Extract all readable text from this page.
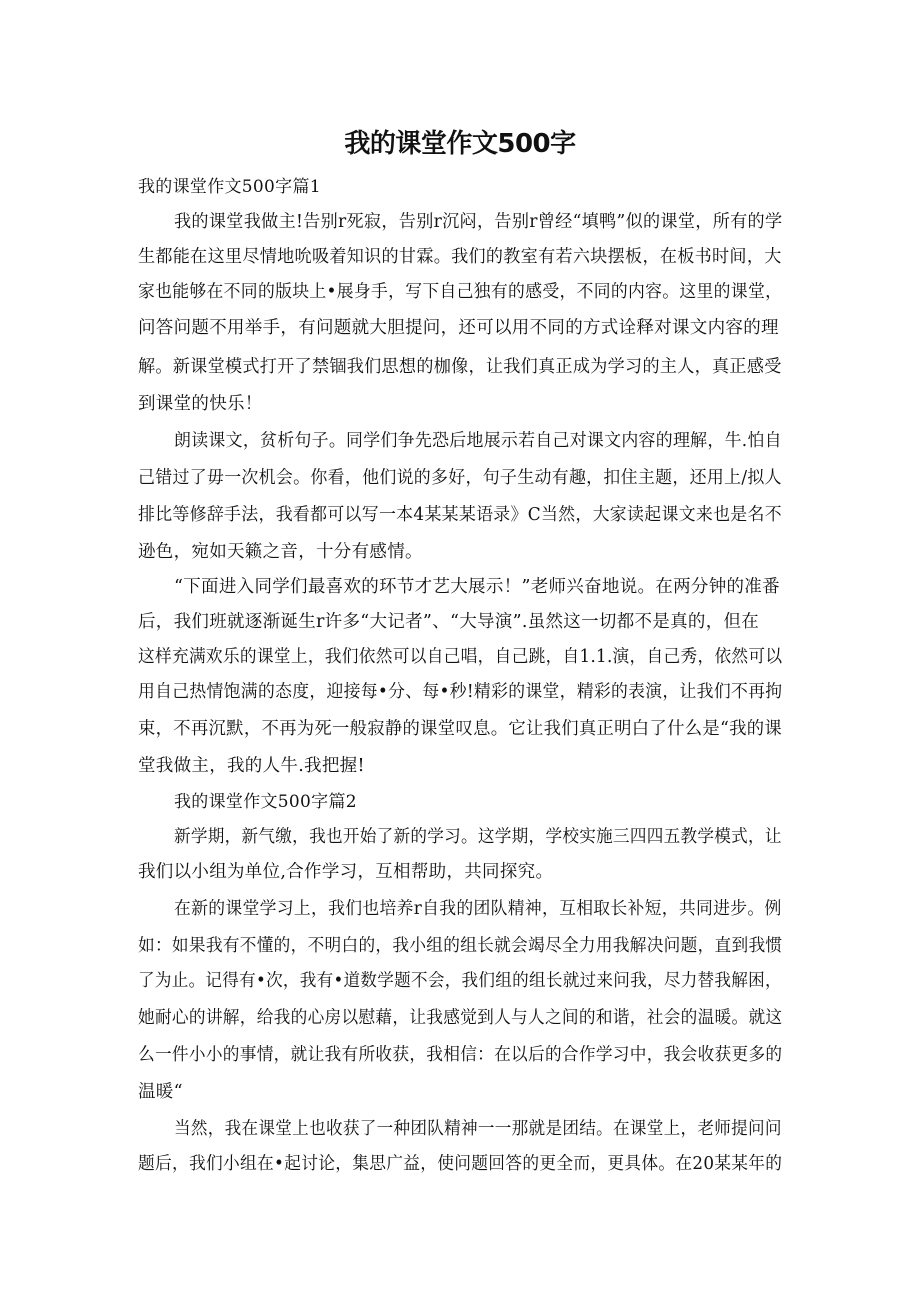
我的课堂作文500字
我的课堂作文500字篇1
我的课堂我做主!告别r死寂，告别r沉闷，告别r曾经“填鸭”似的课堂，所有的学
生都能在这里尽情地吮吸着知识的甘霖。我们的教室有若六块摆板，在板书时间，大
家也能够在不同的版块上•展身手，写下自己独有的感受，不同的内容。这里的课堂，
问答问题不用举手，有问题就大胆提问，还可以用不同的方式诠释对课文内容的理
解。新课堂模式打开了禁锢我们思想的枷像，让我们真正成为学习的主人，真正感受
到课堂的快乐！
朗读课文，贫析句子。同学们争先恐后地展示若自己对课文内容的理解，牛.怕自
己错过了毋一次机会。你看，他们说的多好，句子生动有趣，扣住主题，还用上/拟人
排比等修辞手法，我看都可以写一本4某某某语录》C当然，大家读起课文来也是名不
逊色，宛如天籁之音，十分有感情。
“下面进入同学们最喜欢的环节才艺大展示！”老师兴奋地说。在两分钟的准番
后，我们班就逐渐诞生r许多“大记者”、“大导演”.虽然这一切都不是真的，但在
这样充满欢乐的课堂上，我们依然可以自己唱，自己跳，自1.1.演，自己秀，依然可以
用自己热情饱满的态度，迎接每•分、每•秒!精彩的课堂，精彩的表演，让我们不再拘
束，不再沉默，不再为死一般寂静的课堂叹息。它让我们真正明白了什么是“我的课
堂我做主，我的人牛.我把握!
我的课堂作文500字篇2
新学期，新气缴，我也开始了新的学习。这学期，学校实施三四四五教学模式，让
我们以小组为单位,合作学习，互相帮助，共同探究。
在新的课堂学习上，我们也培养r自我的团队精神，互相取长补短，共同进步。例
如：如果我有不懂的，不明白的，我小组的组长就会竭尽全力用我解决问题，直到我惯
了为止。记得有•次，我有•道数学题不会，我们组的组长就过来问我，尽力替我解困，
她耐心的讲解，给我的心房以慰藉，让我感觉到人与人之间的和谐，社会的温暖。就这
么一件小小的事情，就让我有所收获，我相信：在以后的合作学习中，我会收获更多的
温暖“
当然，我在课堂上也收获了一种团队精神一一那就是团结。在课堂上，老师提问问
题后，我们小组在•起讨论，集思广益，使问题回答的更全而，更具体。在20某某年的
